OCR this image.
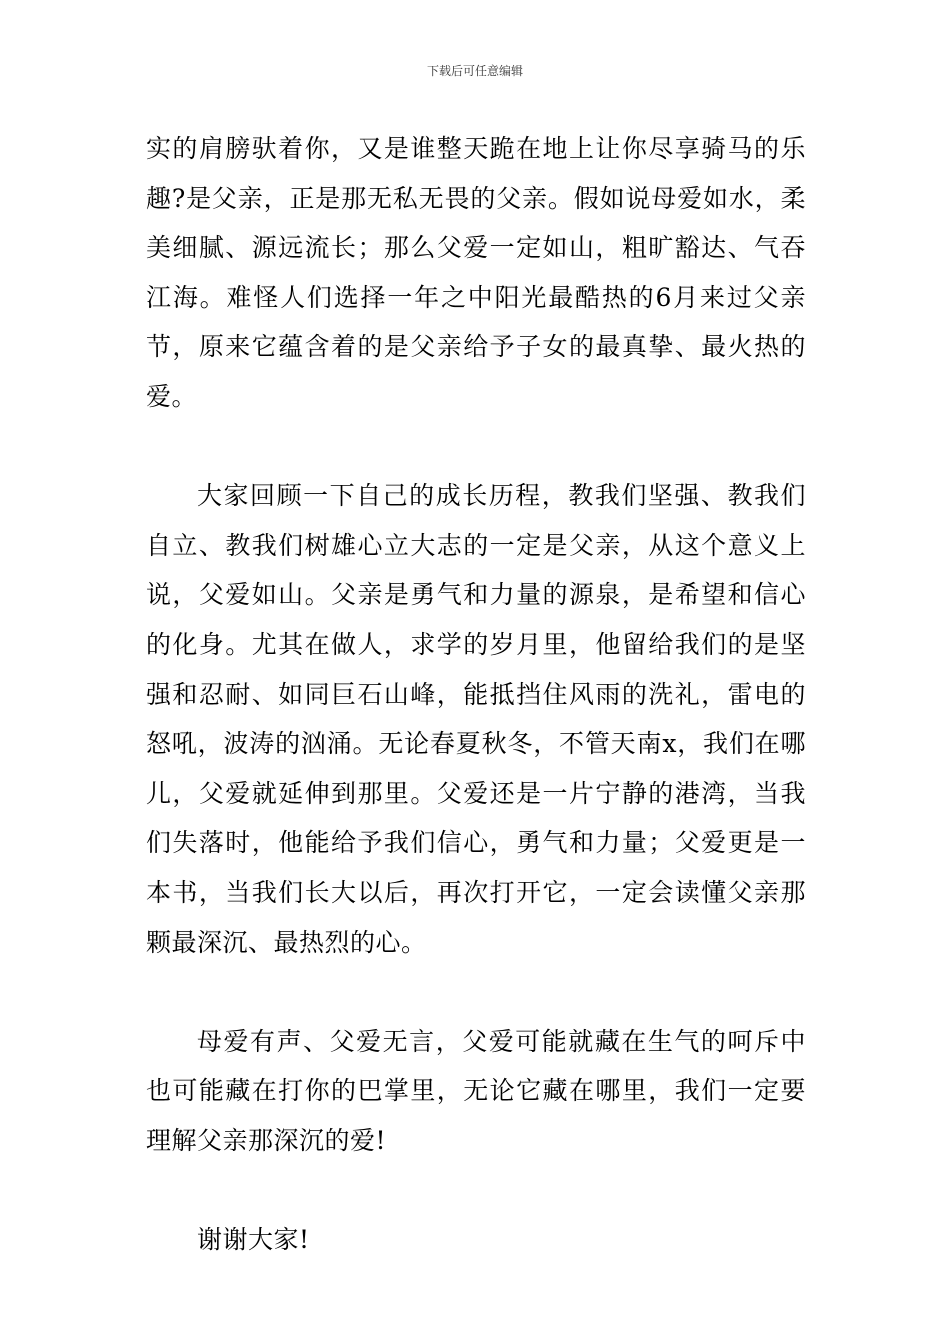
下载后可任意编辑

实的肩膀驮着你，又是谁整天跪在地上让你尽享骑马的乐趣?是父亲，正是那无私无畏的父亲。假如说母爱如水，柔美细腻、源远流长；那么父爱一定如山，粗旷豁达、气吞江海。难怪人们选择一年之中阳光最酷热的6月来过父亲节，原来它蕴含着的是父亲给予子女的最真挚、最火热的爱。

大家回顾一下自己的成长历程，教我们坚强、教我们自立、教我们树雄心立大志的一定是父亲，从这个意义上说，父爱如山。父亲是勇气和力量的源泉，是希望和信心的化身。尤其在做人，求学的岁月里，他留给我们的是坚强和忍耐、如同巨石山峰，能抵挡住风雨的洗礼，雷电的怒吼，波涛的汹涌。无论春夏秋冬，不管天南x，我们在哪儿，父爱就延伸到那里。父爱还是一片宁静的港湾，当我们失落时，他能给予我们信心，勇气和力量；父爱更是一本书，当我们长大以后，再次打开它，一定会读懂父亲那颗最深沉、最热烈的心。

母爱有声、父爱无言，父爱可能就藏在生气的呵斥中也可能藏在打你的巴掌里，无论它藏在哪里，我们一定要理解父亲那深沉的爱!

谢谢大家!
